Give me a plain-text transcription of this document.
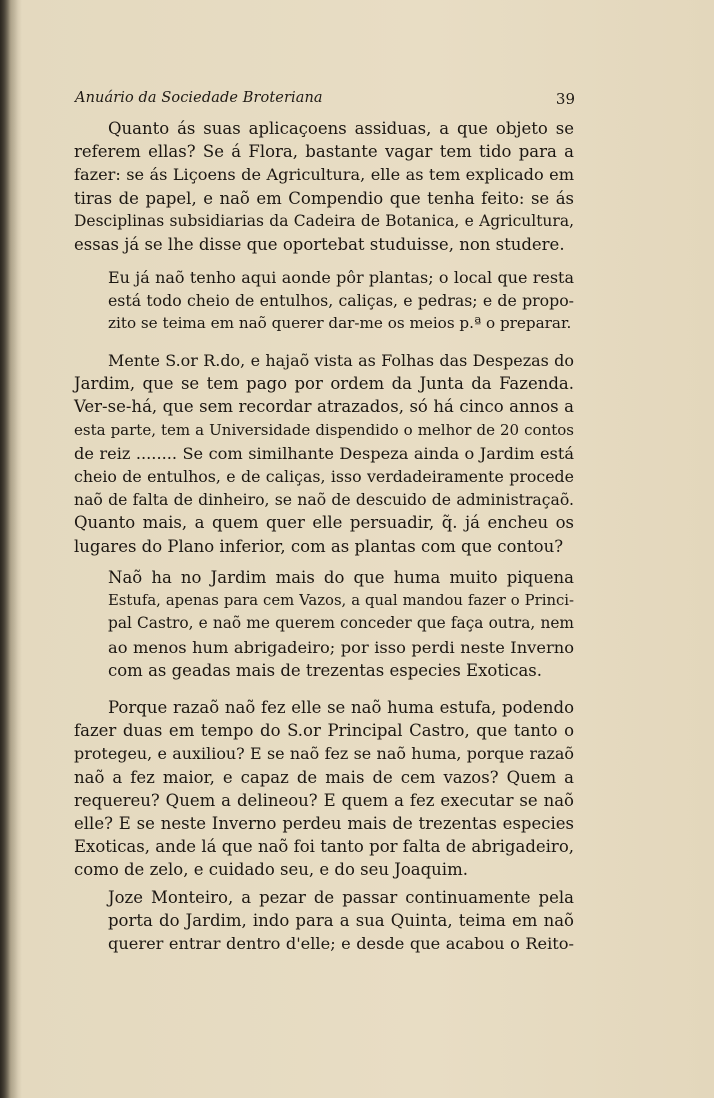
Anuário da Sociedade Broteriana	39
Quanto ás suas aplicaçoens assiduas, a que objeto se
referem ellas? Se á Flora, bastante vagar tem tido para a
fazer: se ás Liçoens de Agricultura, elle as tem explicado em
tiras de papel, e naõ em Compendio que tenha feito: se ás
Desciplinas subsidiarias da Cadeira de Botanica, e Agricultura,
essas já se lhe disse que oportebat studuisse, non studere.
Eu já naõ tenho aqui aonde pôr plantas; o local que resta
está todo cheio de entulhos, caliças, e pedras; e de propo-
zito se teima em naõ querer dar-me os meios p.ª o preparar.
Mente S.or R.do, e hajaõ vista as Folhas das Despezas do
Jardim, que se tem pago por ordem da Junta da Fazenda.
Ver-se-há, que sem recordar atrazados, só há cinco annos a
esta parte, tem a Universidade dispendido o melhor de 20 contos
de reiz ........ Se com similhante Despeza ainda o Jardim está
cheio de entulhos, e de caliças, isso verdadeiramente procede
naõ de falta de dinheiro, se naõ de descuido de administraçaõ.
Quanto mais, a quem quer elle persuadir, q̃. já encheu os
lugares do Plano inferior, com as plantas com que contou?
Naõ ha no Jardim mais do que huma muito piquena
Estufa, apenas para cem Vazos, a qual mandou fazer o Princi-
pal Castro, e naõ me querem conceder que faça outra, nem
ao menos hum abrigadeiro; por isso perdi neste Inverno
com as geadas mais de trezentas especies Exoticas.
Porque razaõ naõ fez elle se naõ huma estufa, podendo
fazer duas em tempo do S.or Principal Castro, que tanto o
protegeu, e auxiliou? E se naõ fez se naõ huma, porque razaõ
naõ a fez maior, e capaz de mais de cem vazos? Quem a
requereu? Quem a delineou? E quem a fez executar se naõ
elle? E se neste Inverno perdeu mais de trezentas especies
Exoticas, ande lá que naõ foi tanto por falta de abrigadeiro,
como de zelo, e cuidado seu, e do seu Joaquim.
Joze Monteiro, a pezar de passar continuamente pela
porta do Jardim, indo para a sua Quinta, teima em naõ
querer entrar dentro d'elle; e desde que acabou o Reito-
